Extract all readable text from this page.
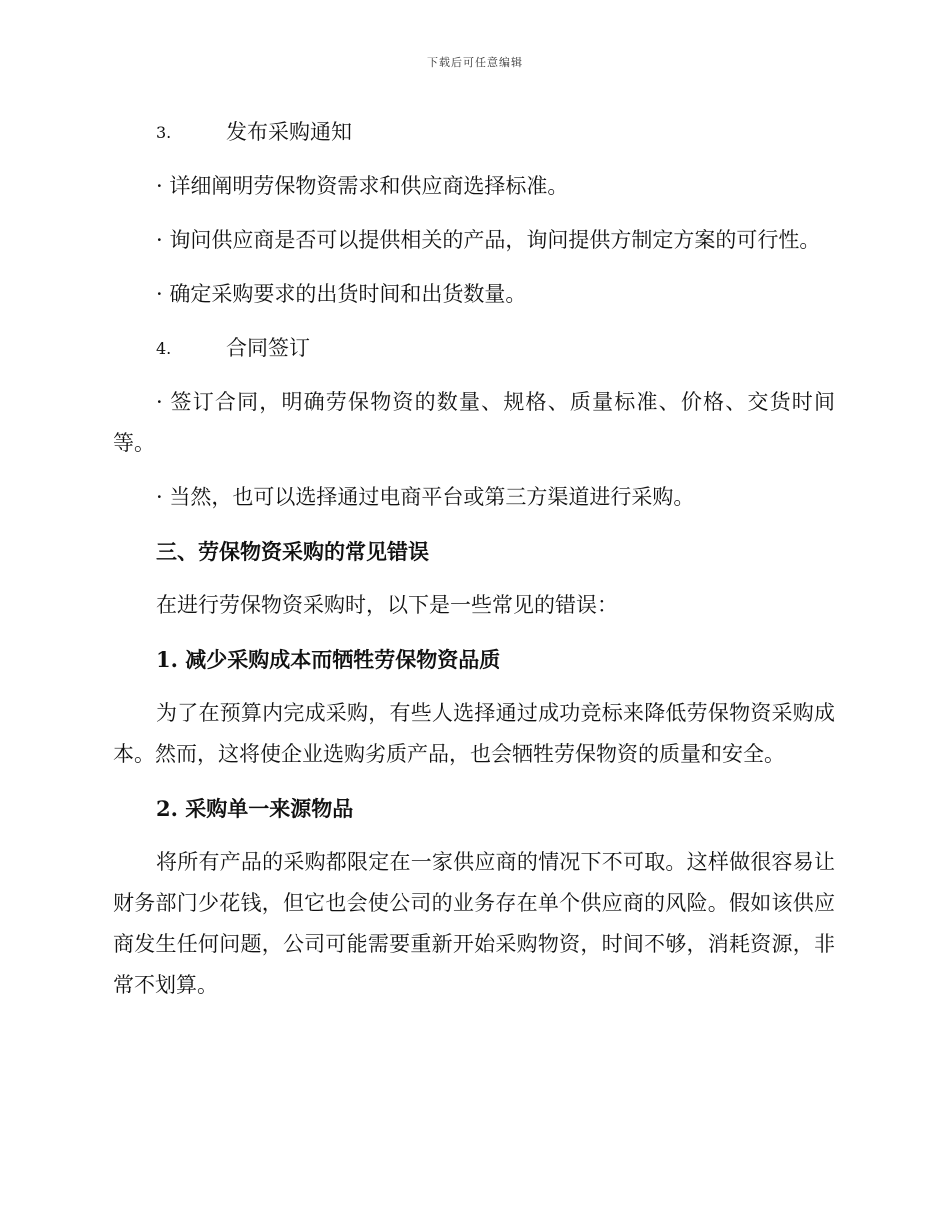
下载后可任意编辑
3.	发布采购通知

· 详细阐明劳保物资需求和供应商选择标准。

· 询问供应商是否可以提供相关的产品，询问提供方制定方案的可行性。

· 确定采购要求的出货时间和出货数量。

4.	合同签订

· 签订合同，明确劳保物资的数量、规格、质量标准、价格、交货时间等。

· 当然，也可以选择通过电商平台或第三方渠道进行采购。

三、劳保物资采购的常见错误

在进行劳保物资采购时，以下是一些常见的错误：

1. 减少采购成本而牺牲劳保物资品质

为了在预算内完成采购，有些人选择通过成功竞标来降低劳保物资采购成本。然而，这将使企业选购劣质产品，也会牺牲劳保物资的质量和安全。

2. 采购单一来源物品

将所有产品的采购都限定在一家供应商的情况下不可取。这样做很容易让财务部门少花钱，但它也会使公司的业务存在单个供应商的风险。假如该供应商发生任何问题，公司可能需要重新开始采购物资，时间不够，消耗资源，非常不划算。
